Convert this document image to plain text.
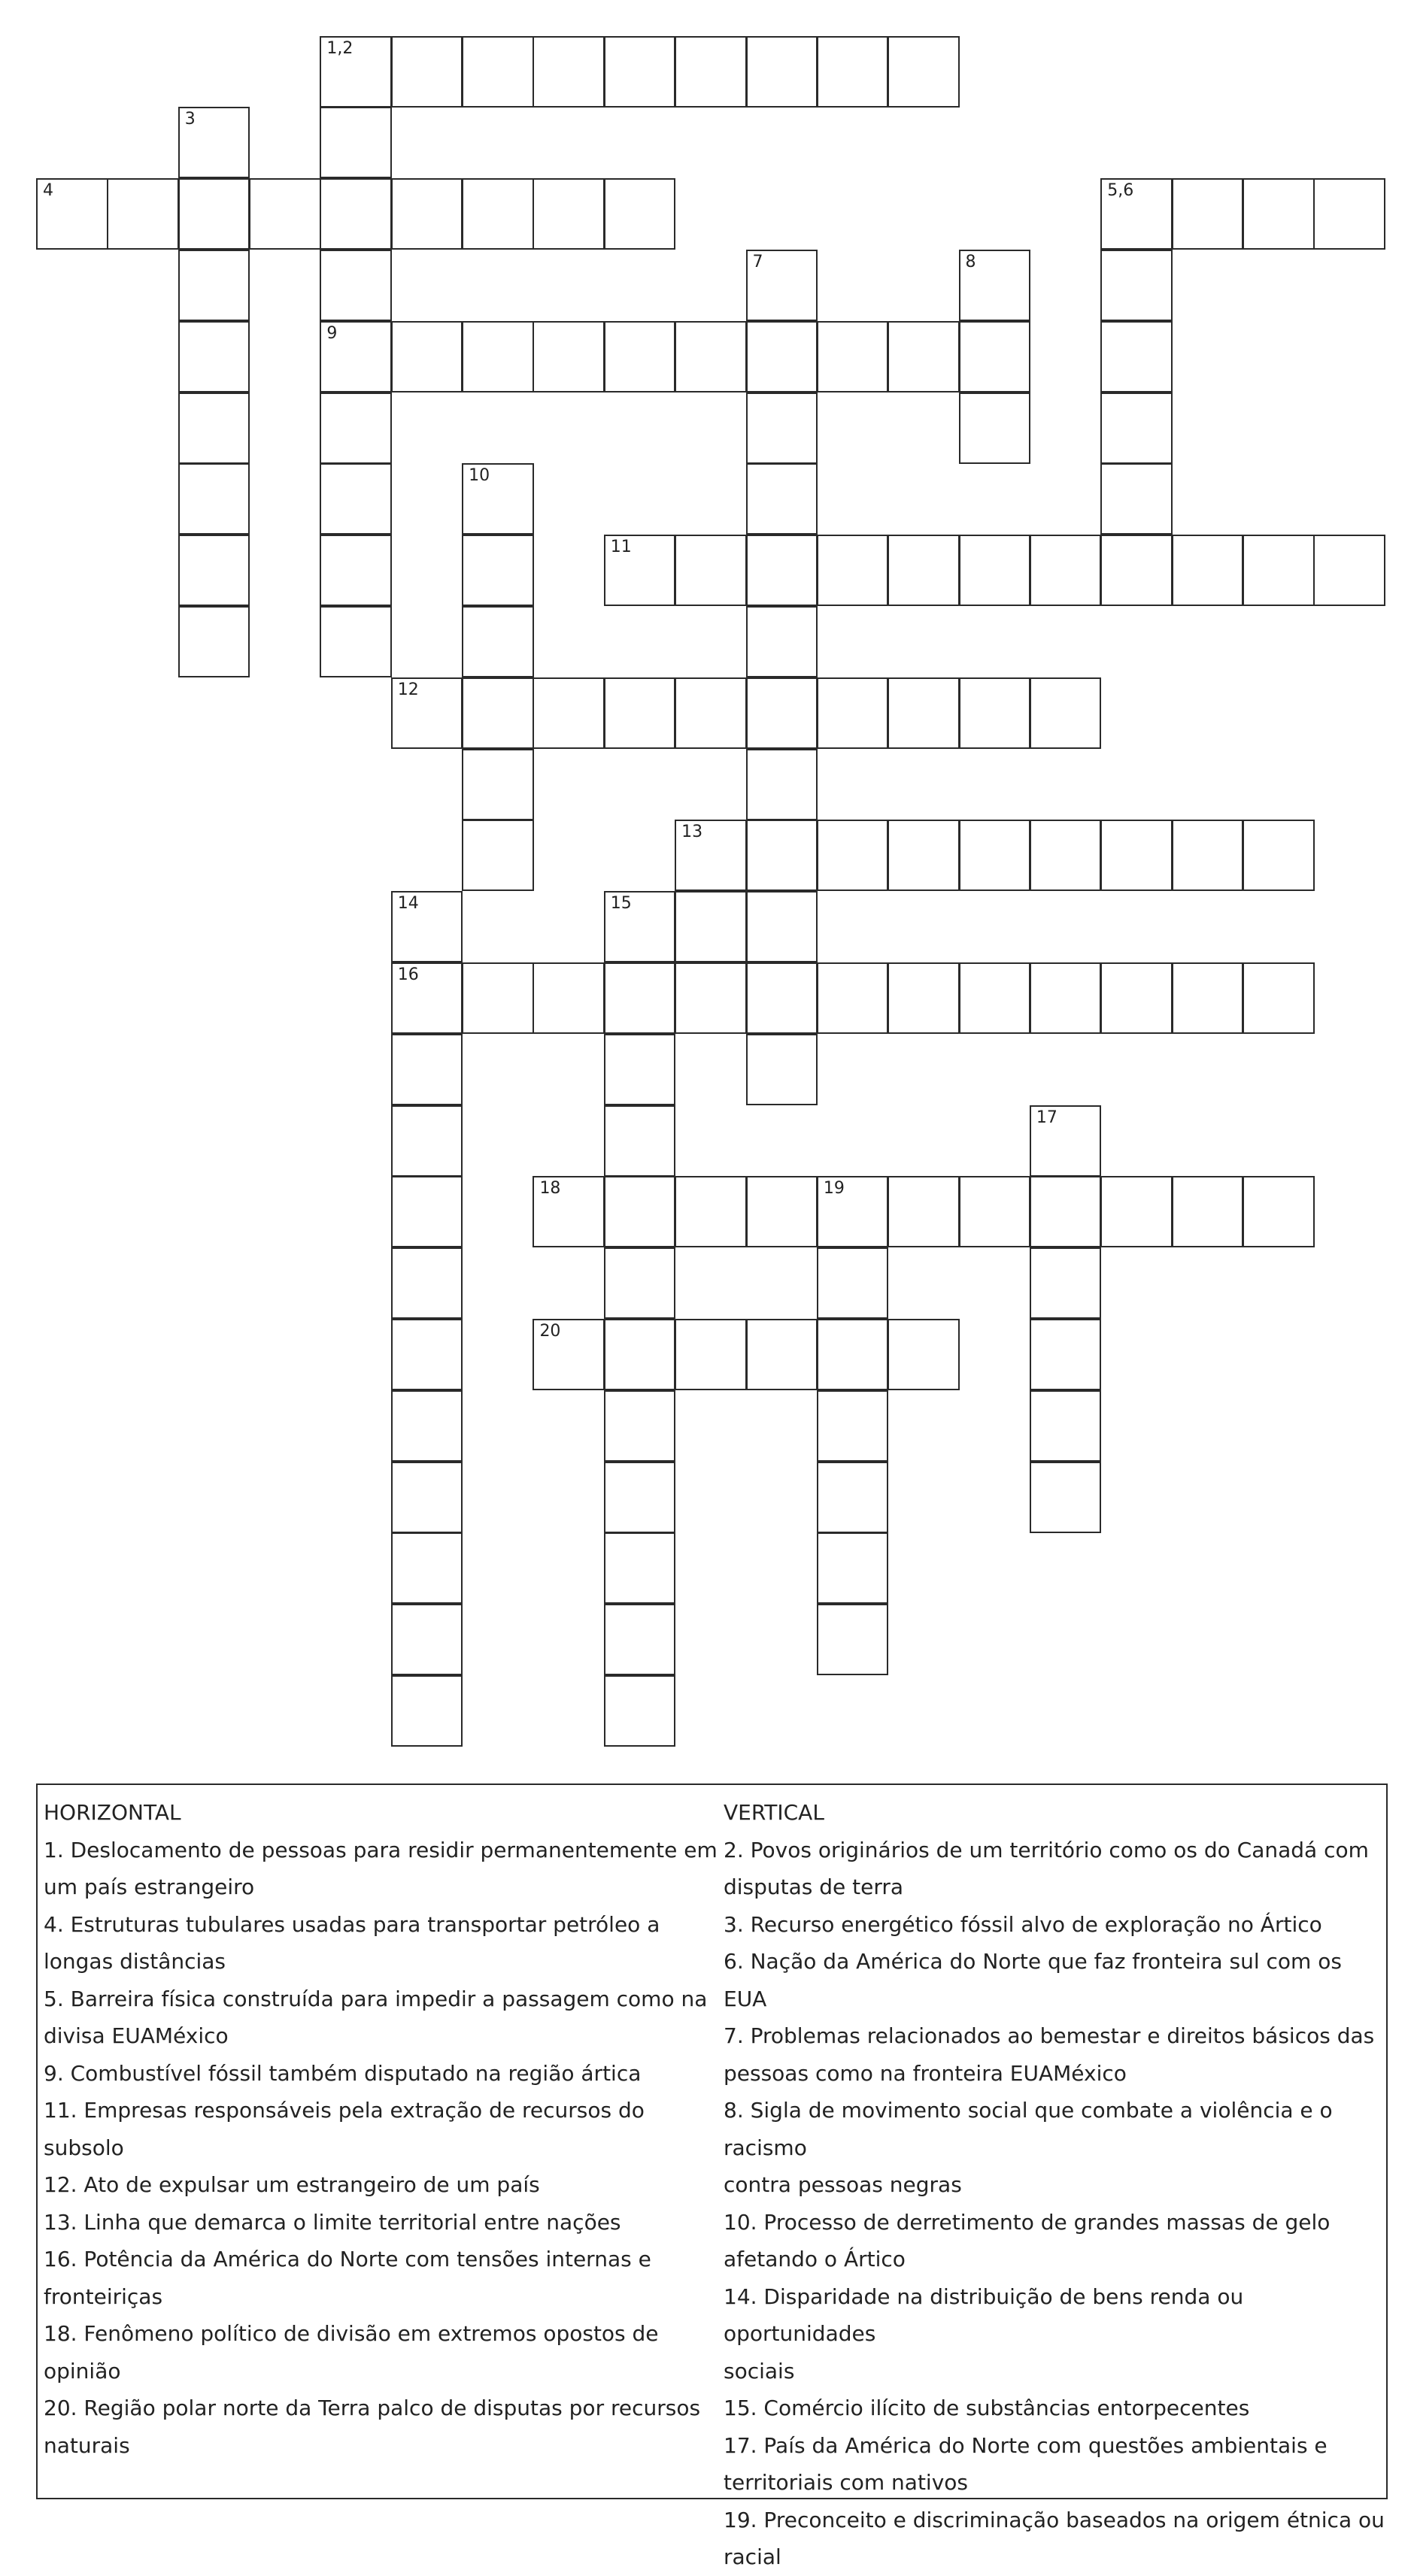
1,2
3
4	5,6
7	8
9
10
11
12
13
14	15
16
17
18	19
20

HORIZONTAL

1. Deslocamento de pessoas para residir permanentemente em

um país estrangeiro

4. Estruturas tubulares usadas para transportar petróleo a

longas distâncias

5. Barreira física construída para impedir a passagem como na

divisa EUAMéxico

9. Combustível fóssil também disputado na região ártica

11. Empresas responsáveis pela extração de recursos do subsolo

12. Ato de expulsar um estrangeiro de um país

13. Linha que demarca o limite territorial entre nações

16. Potência da América do Norte com tensões internas e

fronteiriças

18. Fenômeno político de divisão em extremos opostos de opinião

20. Região polar norte da Terra palco de disputas por recursos

naturais

VERTICAL

2. Povos originários de um território como os do Canadá com

disputas de terra

3. Recurso energético fóssil alvo de exploração no Ártico

6. Nação da América do Norte que faz fronteira sul com os EUA

7. Problemas relacionados ao bemestar e direitos básicos das

pessoas como na fronteira EUAMéxico

8. Sigla de movimento social que combate a violência e o racismo

contra pessoas negras

10. Processo de derretimento de grandes massas de gelo

afetando o Ártico

14. Disparidade na distribuição de bens renda ou oportunidades

sociais

15. Comércio ilícito de substâncias entorpecentes

17. País da América do Norte com questões ambientais e

territoriais com nativos

19. Preconceito e discriminação baseados na origem étnica ou

racial
